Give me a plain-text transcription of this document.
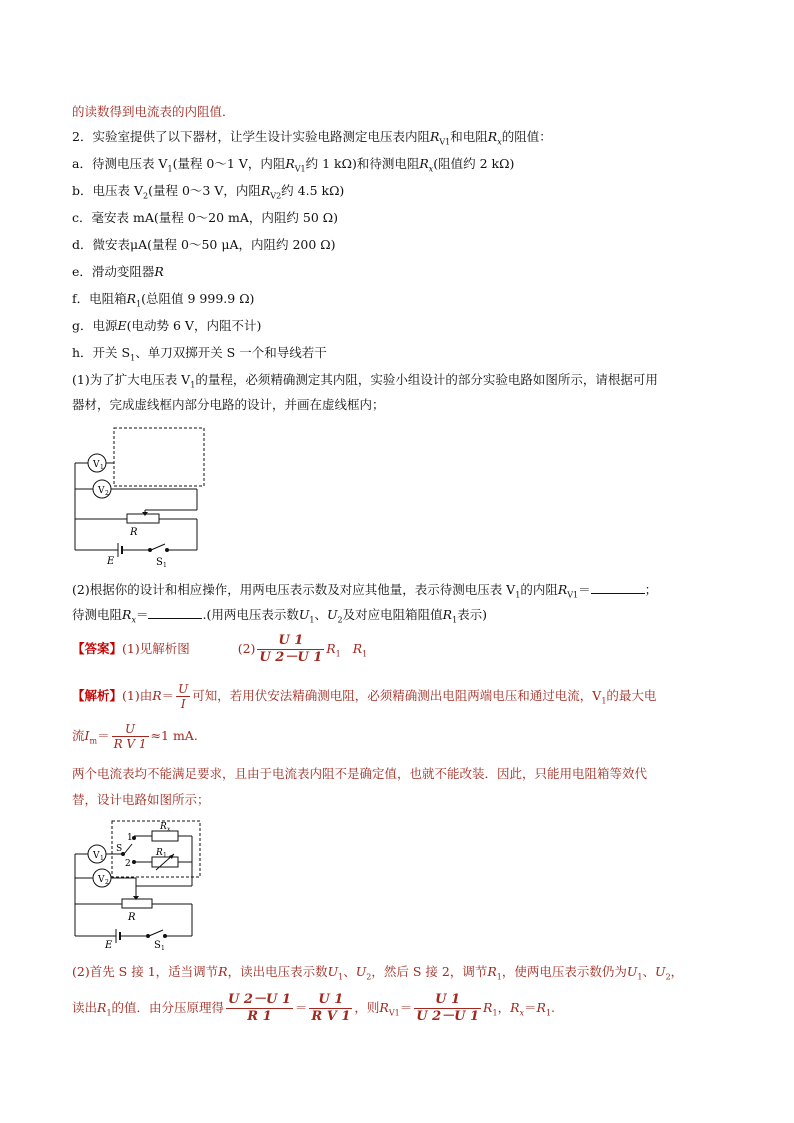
的读数得到电流表的内阻值．
2．实验室提供了以下器材，让学生设计实验电路测定电压表内阻$R_{V1}$和电阻$R_x$的阻值：
a．待测电压表 $V_1$(量程 0～1 V，内阻$R_{V1}$约 1 kΩ)和待测电阻$R_x$(阻值约 2 kΩ)
b．电压表 $V_2$(量程 0～3 V，内阻$R_{V2}$约 4.5 kΩ)
c．毫安表 mA(量程 0～20 mA，内阻约 50 Ω)
d．微安表μA(量程 0～50 μA，内阻约 200 Ω)
e．滑动变阻器R
f．电阻箱$R_1$(总阻值 9 999.9 Ω)
g．电源E(电动势 6 V，内阻不计)
h．开关 $S_1$、单刀双掷开关 S 一个和导线若干
(1)为了扩大电压表 $V_1$的量程，必须精确测定其内阻，实验小组设计的部分实验电路如图所示，请根据可用
器材，完成虚线框内部分电路的设计，并画在虚线框内；
V 1
V 2
R
E	S 1
(2)根据你的设计和相应操作，用两电压表示数及对应其他量，表示待测电压表 $V_1$的内阻$R_{V1}=$	；
待测电阻$R_x=$	.(用两电压表示数$U_1$、$U_2$及对应电阻箱阻值$R_1$表示)
【答案】(1)见解析图	$(2) \frac{U 1}{U 2-U 1} R_1$ $R_1$
【解析】(1)由$R= \frac{U}{I}$ 可知，若用伏安法精确测电阻，必须精确测出电阻两端电压和通过电流，$V_1$的最大电
流$I_m= \frac{U}{\text{R V 1}} \approx 1$ mA.
两个电流表均不能满足要求，且由于电流表内阻不是确定值，也就不能改装．因此，只能用电阻箱等效代
替，设计电路如图所示；
V 1
V 2
R x
R 1
1
2
S
R
E	S 1
(2)首先 S 接 1，适当调节R，读出电压表示数$U_1$、$U_2$，然后 S 接 2，调节$R_1$，使两电压表示数仍为$U_1$、$U_2$，
读出$R_1$的值．由分压原理得 $\frac{U 2-U 1}{R 1} = \frac{U 1}{\text{R V 1}}$ ，则$R_{V1}= \frac{U 1}{U 2-U 1} R_1$，$R_x=R_1$.
